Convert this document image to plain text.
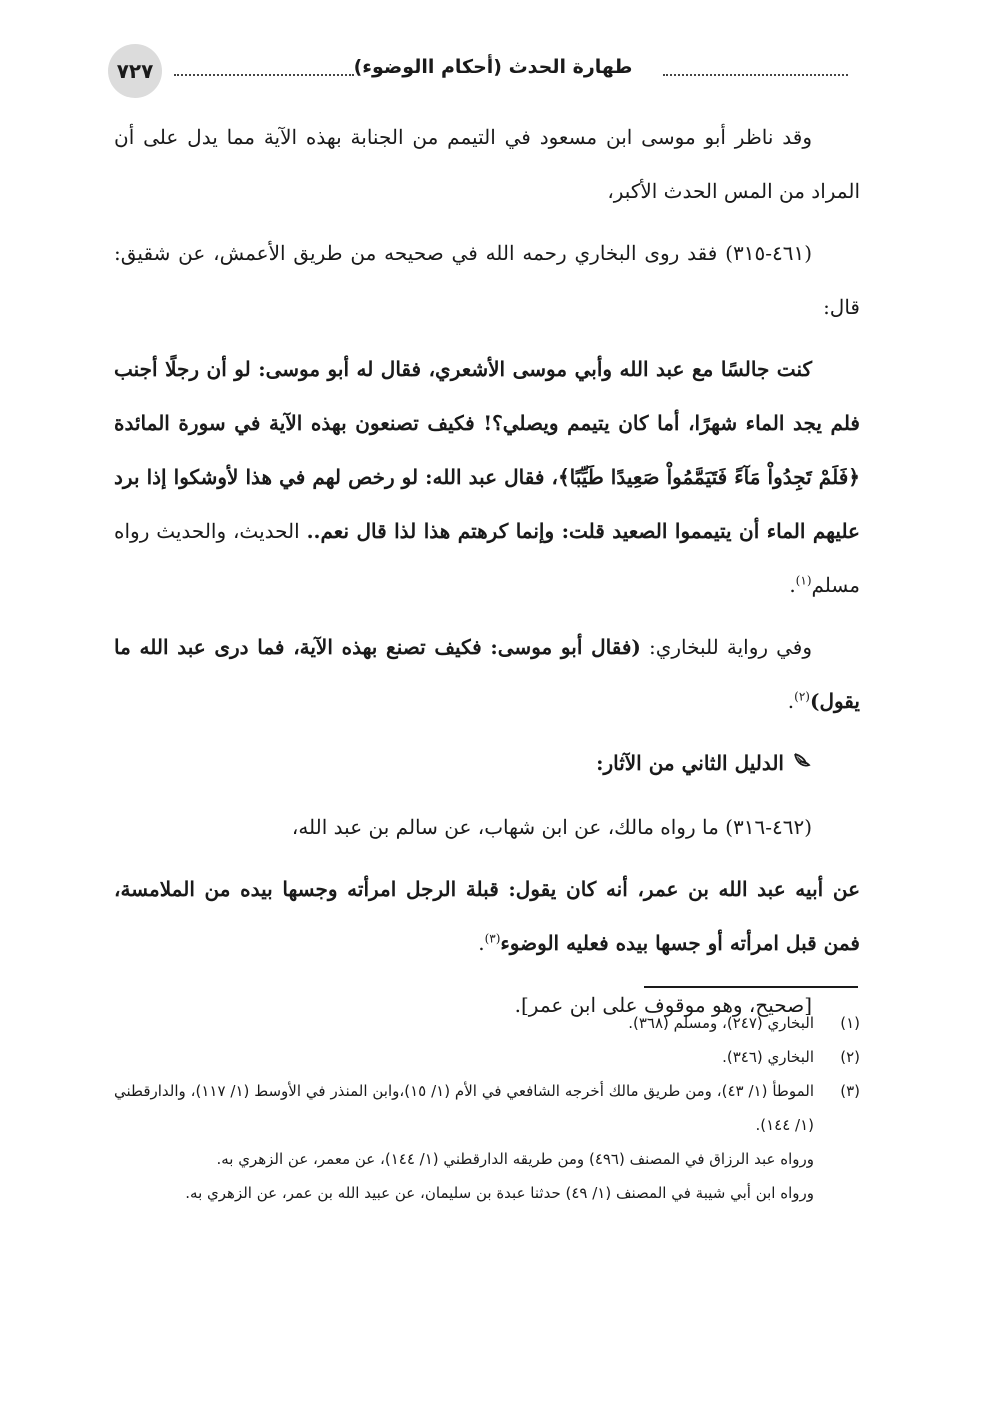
٧٢٧	طهارة الحدث (أحكام االوضوء)

وقد ناظر أبو موسى ابن مسعود في التيمم من الجنابة بهذه الآية مما يدل على أن المراد من المس الحدث الأكبر،

(٤٦١-٣١٥) فقد روى البخاري رحمه الله في صحيحه من طريق الأعمش، عن شقيق: قال:

كنت جالسًا مع عبد الله وأبي موسى الأشعري، فقال له أبو موسى: لو أن رجلًا أجنب فلم يجد الماء شهرًا، أما كان يتيمم ويصلي؟! فكيف تصنعون بهذه الآية في سورة المائدة ﴿فَلَمْ تَجِدُواْ مَآءً فَتَيَمَّمُواْ صَعِيدًا طَيِّبًا﴾، فقال عبد الله: لو رخص لهم في هذا لأوشكوا إذا برد عليهم الماء أن يتيمموا الصعيد قلت: وإنما كرهتم هذا لذا قال نعم.. الحديث، والحديث رواه مسلم$^{(١)}$.

وفي رواية للبخاري: (فقال أبو موسى: فكيف تصنع بهذه الآية، فما درى عبد الله ما يقول)$^{(٢)}$.

الدليل الثاني من الآثار:

(٤٦٢-٣١٦) ما رواه مالك، عن ابن شهاب، عن سالم بن عبد الله،

عن أبيه عبد الله بن عمر، أنه كان يقول: قبلة الرجل امرأته وجسها بيده من الملامسة، فمن قبل امرأته أو جسها بيده فعليه الوضوء$^{(٣)}$.

[صحيح، وهو موقوف على ابن عمر].

(١)
البخاري (٢٤٧)، ومسلم (٣٦٨).
(٢)
البخاري (٣٤٦).
(٣)
الموطأ (١/ ٤٣)، ومن طريق مالك أخرجه الشافعي في الأم (١/ ١٥)،وابن المنذر في الأوسط (١/ ١١٧)، والدارقطني (١/ ١٤٤).

ورواه عبد الرزاق في المصنف (٤٩٦) ومن طريقه الدارقطني (١/ ١٤٤)، عن معمر، عن الزهري به.

ورواه ابن أبي شيبة في المصنف (١/ ٤٩) حدثنا عبدة بن سليمان، عن عبيد الله بن عمر، عن الزهري به.
